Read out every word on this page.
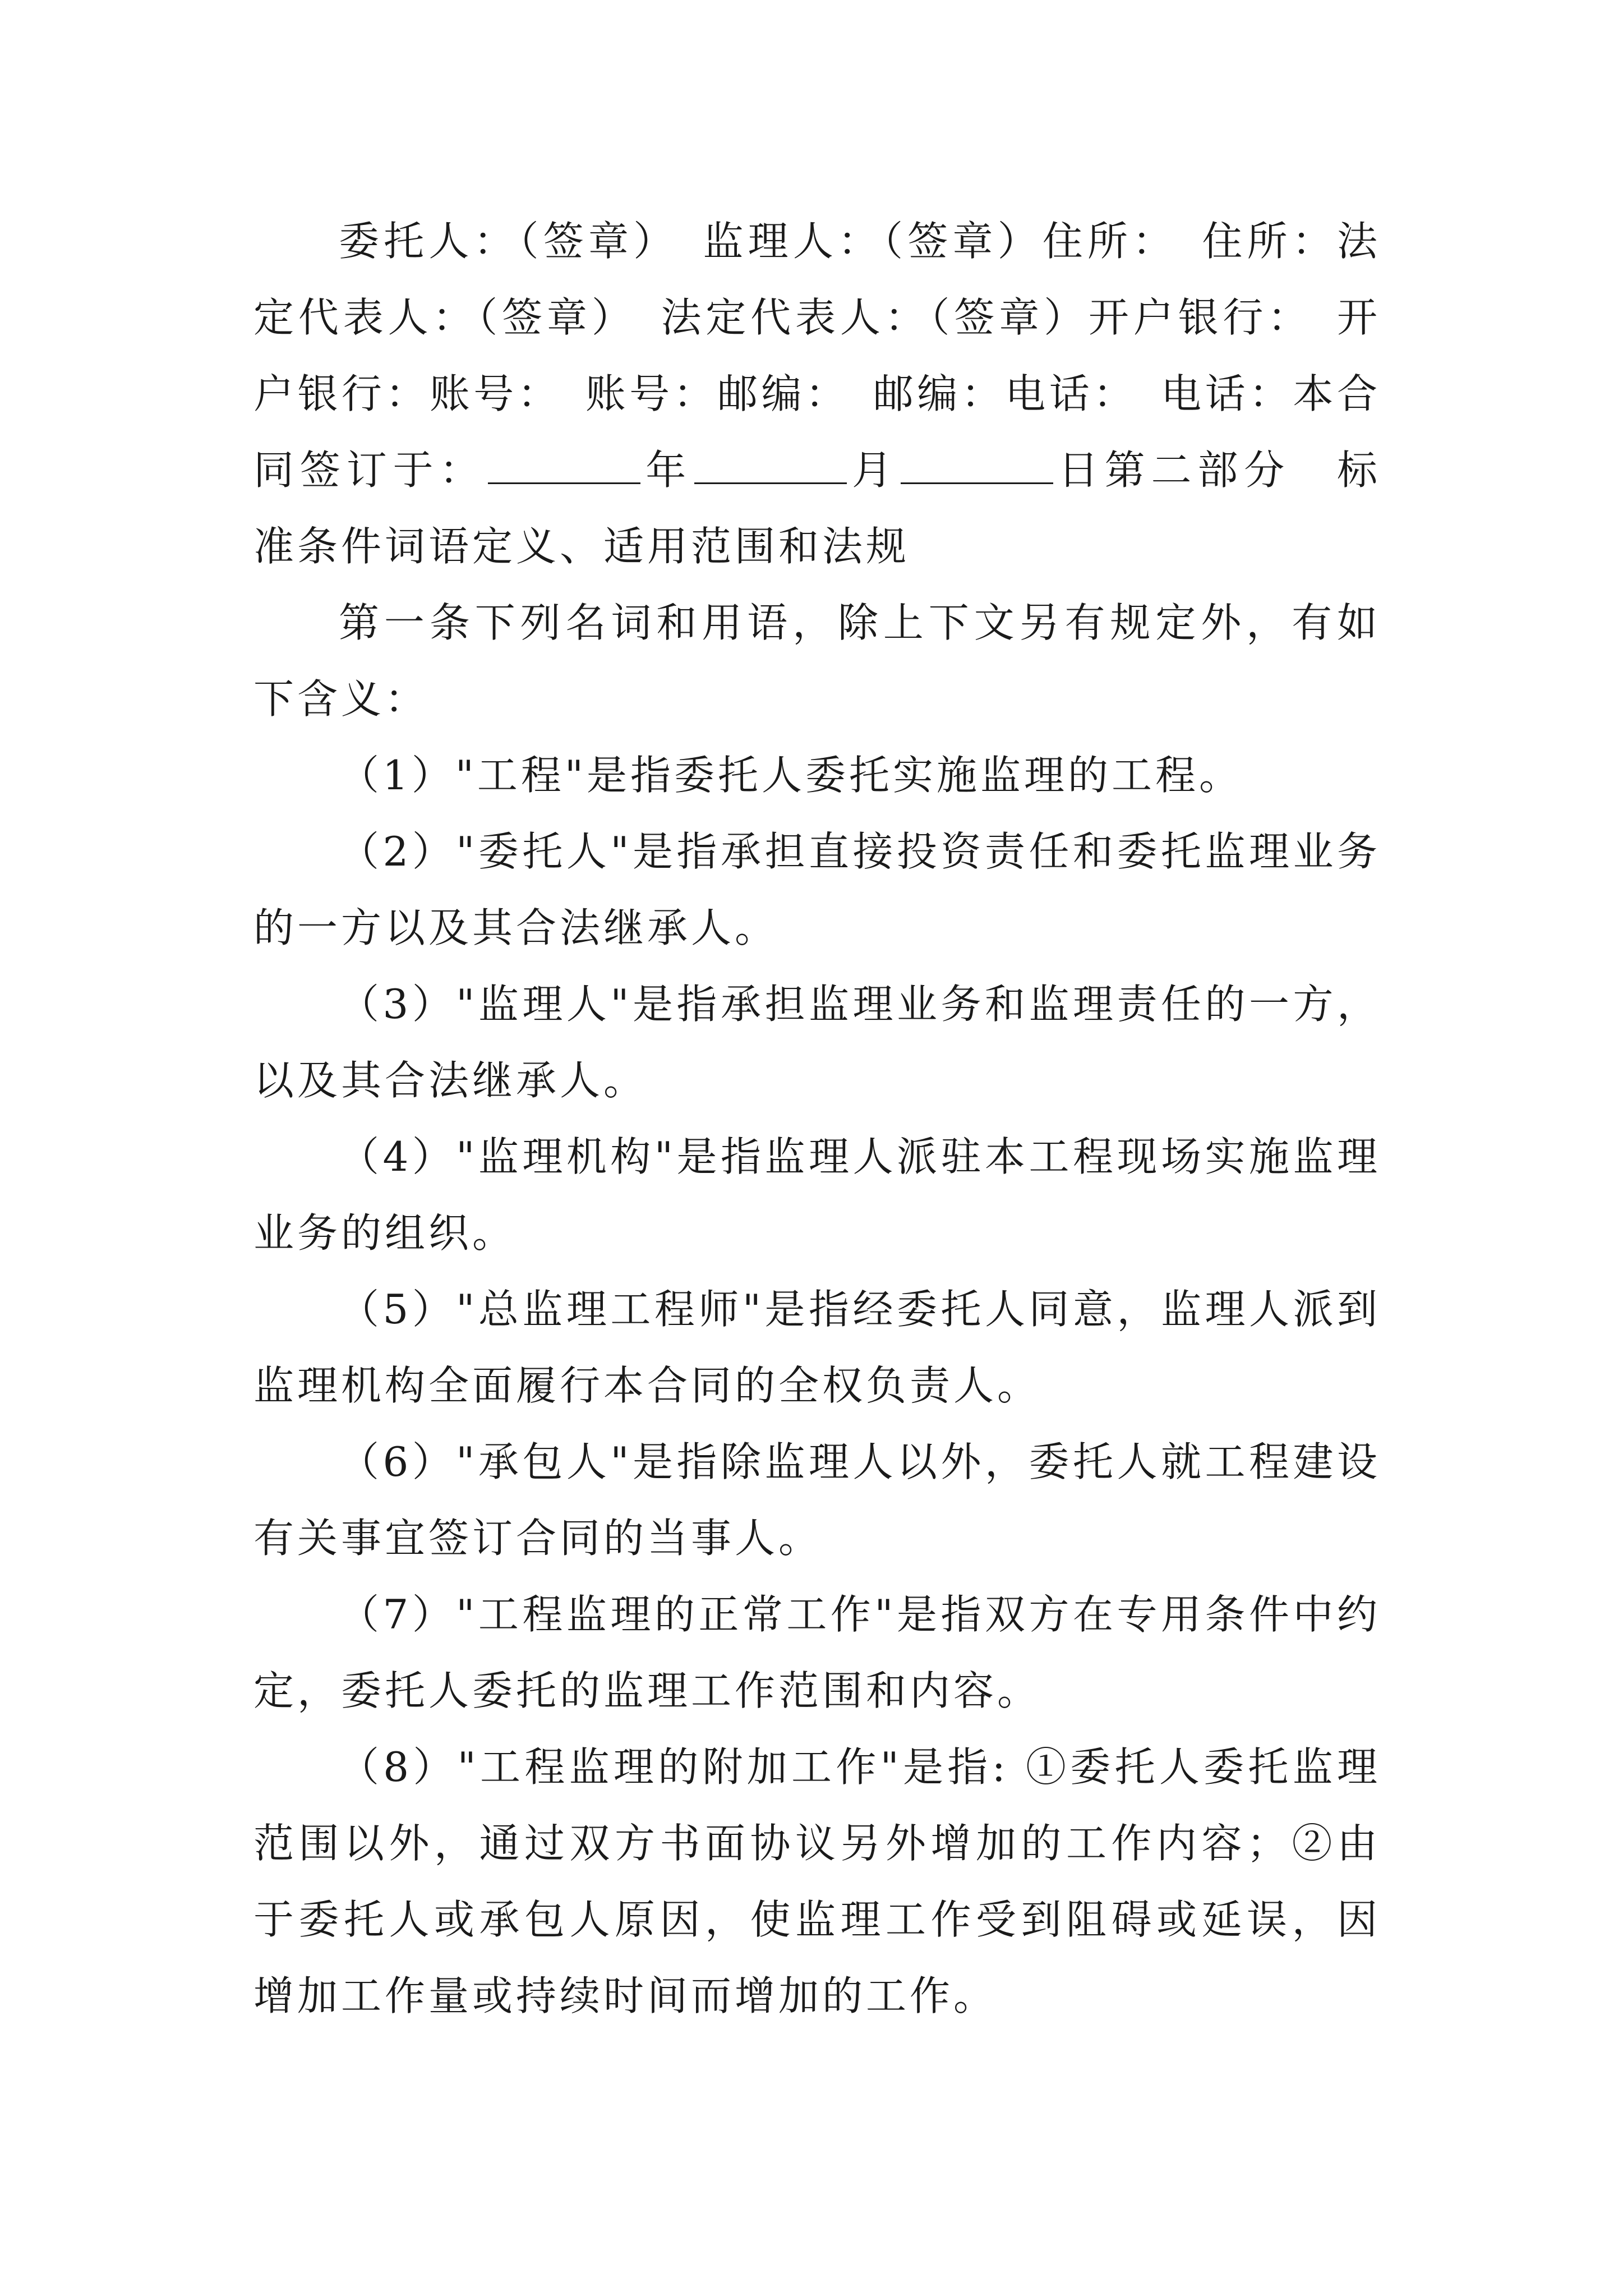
委托人：（签章）　监理人：（签章）住所：　住所：法定代表人：（签章）　法定代表人：（签章）开户银行：　开户银行：账号：　账号：邮编：　邮编：电话：　电话：本合同签订于：	年	月	日第二部分　标准条件词语定义、适用范围和法规

第一条下列名词和用语，除上下文另有规定外，有如下含义：

（1）"工程"是指委托人委托实施监理的工程。

（2）"委托人"是指承担直接投资责任和委托监理业务的一方以及其合法继承人。

（3）"监理人"是指承担监理业务和监理责任的一方，以及其合法继承人。

（4）"监理机构"是指监理人派驻本工程现场实施监理业务的组织。

（5）"总监理工程师"是指经委托人同意，监理人派到监理机构全面履行本合同的全权负责人。

（6）"承包人"是指除监理人以外，委托人就工程建设有关事宜签订合同的当事人。

（7）"工程监理的正常工作"是指双方在专用条件中约定，委托人委托的监理工作范围和内容。

（8）"工程监理的附加工作"是指: ①委托人委托监理范围以外，通过双方书面协议另外增加的工作内容；②由于委托人或承包人原因，使监理工作受到阻碍或延误，因增加工作量或持续时间而增加的工作。
